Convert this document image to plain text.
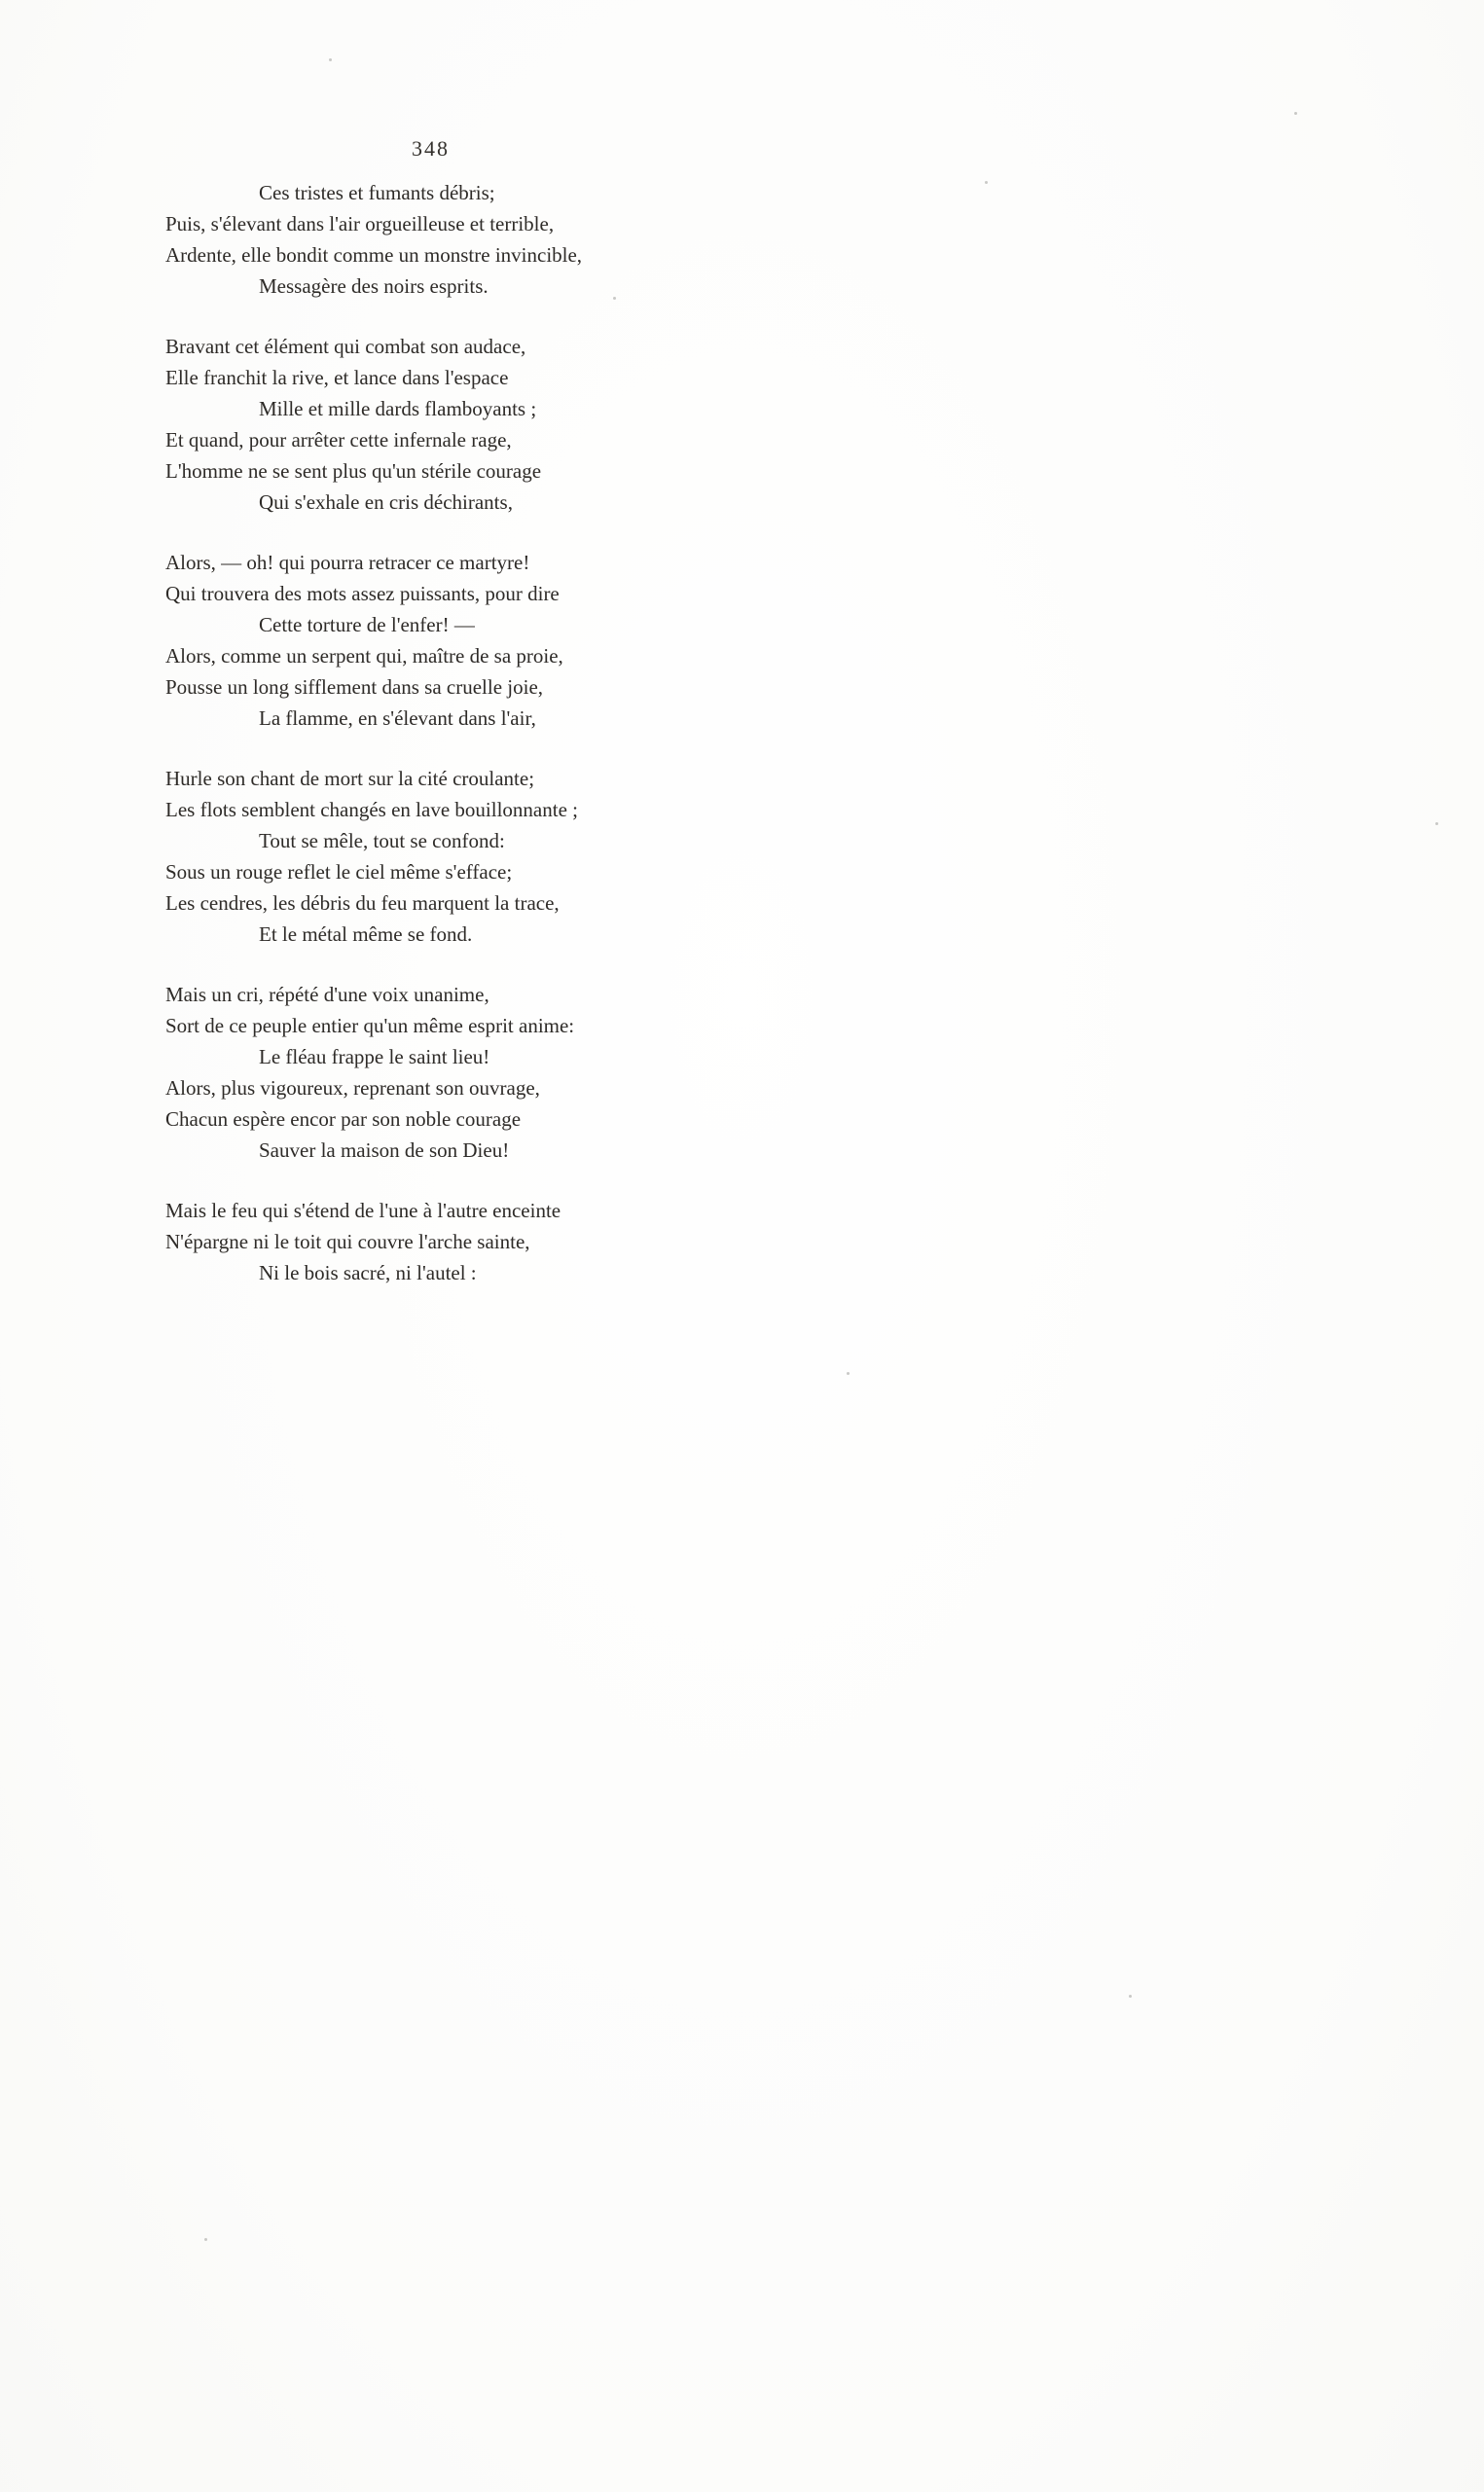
348
Ces tristes et fumants débris;
Puis, s'élevant dans l'air orgueilleuse et terrible,
Ardente, elle bondit comme un monstre invincible,
Messagère des noirs esprits.
Bravant cet élément qui combat son audace,
Elle franchit la rive, et lance dans l'espace
Mille et mille dards flamboyants ;
Et quand, pour arrêter cette infernale rage,
L'homme ne se sent plus qu'un stérile courage
Qui s'exhale en cris déchirants,
Alors, — oh! qui pourra retracer ce martyre!
Qui trouvera des mots assez puissants, pour dire
Cette torture de l'enfer! —
Alors, comme un serpent qui, maître de sa proie,
Pousse un long sifflement dans sa cruelle joie,
La flamme, en s'élevant dans l'air,
Hurle son chant de mort sur la cité croulante;
Les flots semblent changés en lave bouillonnante ;
Tout se mêle, tout se confond:
Sous un rouge reflet le ciel même s'efface;
Les cendres, les débris du feu marquent la trace,
Et le métal même se fond.
Mais un cri, répété d'une voix unanime,
Sort de ce peuple entier qu'un même esprit anime:
Le fléau frappe le saint lieu!
Alors, plus vigoureux, reprenant son ouvrage,
Chacun espère encor par son noble courage
Sauver la maison de son Dieu!
Mais le feu qui s'étend de l'une à l'autre enceinte
N'épargne ni le toit qui couvre l'arche sainte,
Ni le bois sacré, ni l'autel :
